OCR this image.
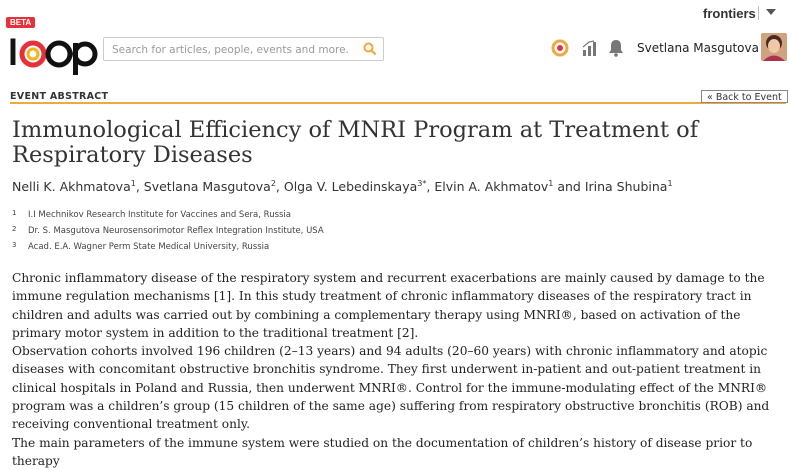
frontiers
BETA
l
Search for articles, people, events and more.	Svetlana Masgutova
EVENT ABSTRACT	« Back to Event
Immunological Efficiency of MNRI Program at Treatment of Respiratory Diseases
Nelli K. Akhmatova$^1$, Svetlana Masgutova$^2$, Olga V. Lebedinskaya$^{3*}$, Elvin A. Akhmatov$^1$ and Irina Shubina$^1$
1 I.I Mechnikov Research Institute for Vaccines and Sera, Russia
2 Dr. S. Masgutova Neurosensorimotor Reflex Integration Institute, USA
3 Acad. E.A. Wagner Perm State Medical University, Russia

Chronic inflammatory disease of the respiratory system and recurrent exacerbations are mainly caused by damage to the immune regulation mechanisms [1]. In this study treatment of chronic inflammatory diseases of the respiratory tract in children and adults was carried out by combining a complementary therapy using MNRI®, based on activation of the primary motor system in addition to the traditional treatment [2].

Observation cohorts involved 196 children (2–13 years) and 94 adults (20–60 years) with chronic inflammatory and atopic diseases with concomitant obstructive bronchitis syndrome. They first underwent in-patient and out-patient treatment in clinical hospitals in Poland and Russia, then underwent MNRI®. Control for the immune-modulating effect of the MNRI® program was a children’s group (15 children of the same age) suffering from respiratory obstructive bronchitis (ROB) and receiving conventional treatment only.

The main parameters of the immune system were studied on the documentation of children’s history of disease prior to therapy
